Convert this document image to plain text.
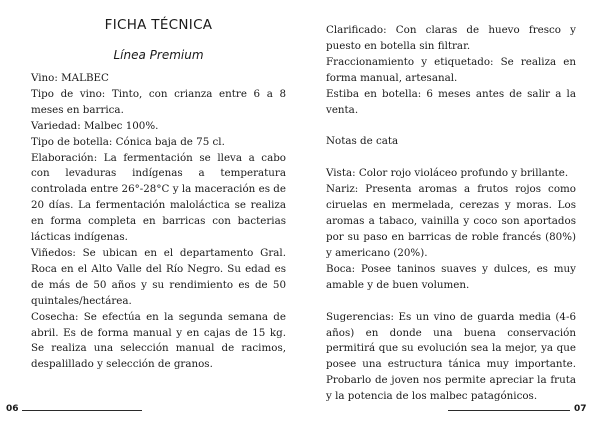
FICHA TÉCNICA
Línea Premium

Vino: MALBEC

Tipo de vino: Tinto, con crianza entre 6 a 8 meses en barrica.

Variedad: Malbec 100%.

Tipo de botella: Cónica baja de 75 cl.

Elaboración: La fermentación se lleva a cabo con levaduras indígenas a temperatura controlada entre 26°-28°C y la maceración es de 20 días. La fermentación maloláctica se realiza en forma completa en barricas con bacterias lácticas indígenas.

Viñedos: Se ubican en el departamento Gral. Roca en el Alto Valle del Río Negro. Su edad es de más de 50 años y su rendimiento es de 50 quintales/hectárea.

Cosecha: Se efectúa en la segunda semana de abril. Es de forma manual y en cajas de 15 kg. Se realiza una selección manual de racimos, despalillado y selección de granos.

06

Clarificado: Con claras de huevo fresco y puesto en botella sin filtrar.

Fraccionamiento y etiquetado: Se realiza en forma manual, artesanal.

Estiba en botella: 6 meses antes de salir a la venta.

Notas de cata

Vista: Color rojo violáceo profundo y brillante.

Nariz: Presenta aromas a frutos rojos como ciruelas en mermelada, cerezas y moras. Los aromas a tabaco, vainilla y coco son aportados por su paso en barricas de roble francés (80%) y americano (20%).

Boca: Posee taninos suaves y dulces, es muy amable y de buen volumen.

Sugerencias: Es un vino de guarda media (4-6 años) en donde una buena conservación permitirá que su evolución sea la mejor, ya que posee una estructura tánica muy importante. Probarlo de joven nos permite apreciar la fruta y la potencia de los malbec patagónicos.

07
